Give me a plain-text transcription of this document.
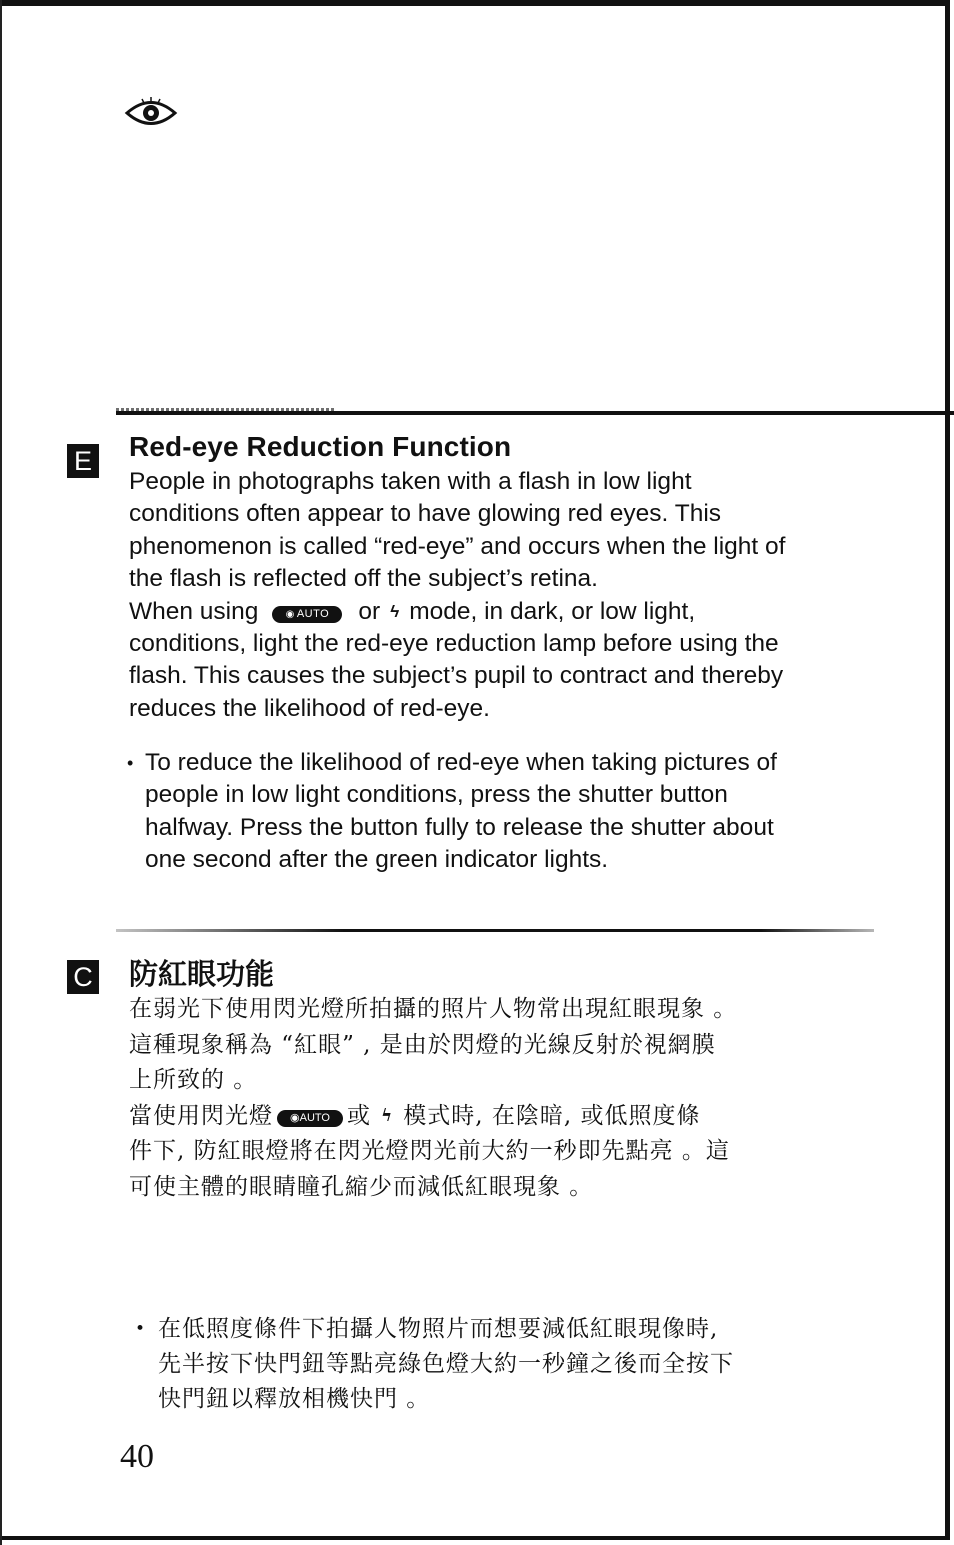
E Red-eye Reduction Function
People in photographs taken with a flash in low light
conditions often appear to have glowing red eyes. This
phenomenon is called “red-eye” and occurs when the light of
the flash is reflected off the subject’s retina.
When using	◉ AUTO or ϟ mode, in dark, or low light,
conditions, light the red-eye reduction lamp before using the
flash. This causes the subject’s pupil to contract and thereby
reduces the likelihood of red-eye.
• To reduce the likelihood of red-eye when taking pictures of
people in low light conditions, press the shutter button
halfway. Press the button fully to release the shutter about
one second after the green indicator lights.
C 防紅眼功能
在弱光下使用閃光燈所拍攝的照片人物常出現紅眼現象 。
這種現象稱為 “紅眼” , 是由於閃燈的光線反射於視網膜
上所致的 。
當使用閃光燈 ◉AUTO 或 ϟ 模式時, 在陰暗, 或低照度條
件下, 防紅眼燈將在閃光燈閃光前大約一秒即先點亮 。這
可使主體的眼睛瞳孔縮少而減低紅眼現象 。
• 在低照度條件下拍攝人物照片而想要減低紅眼現像時,
先半按下快門鈕等點亮綠色燈大約一秒鐘之後而全按下
快門鈕以釋放相機快門 。

40
